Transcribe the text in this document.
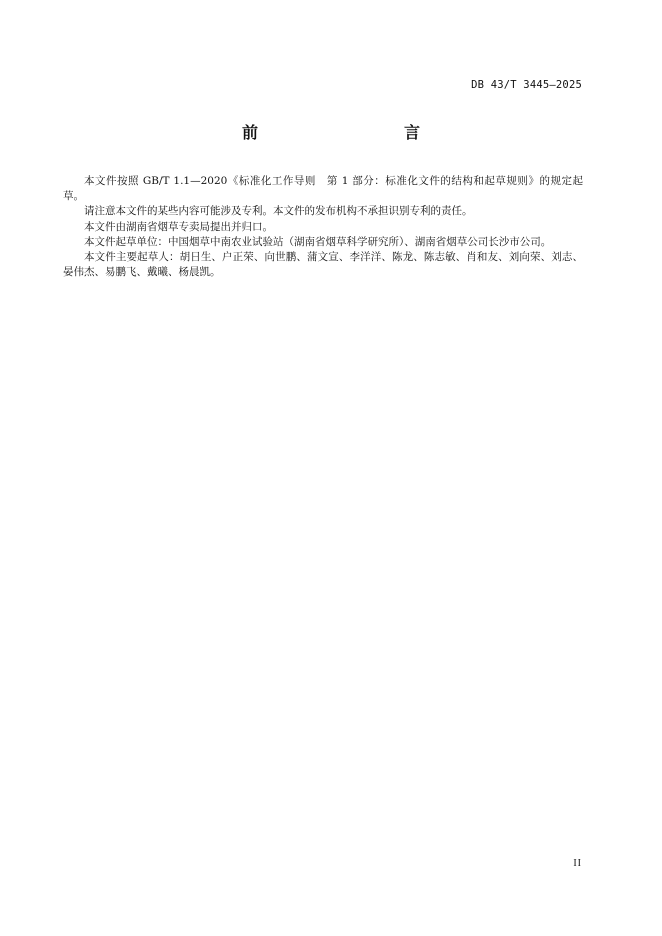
DB 43/T 3445—2025
前　　言

本文件按照 GB/T 1.1—2020《标准化工作导则　第 1 部分：标准化文件的结构和起草规则》的规定起草。

请注意本文件的某些内容可能涉及专利。本文件的发布机构不承担识别专利的责任。

本文件由湖南省烟草专卖局提出并归口。

本文件起草单位：中国烟草中南农业试验站（湖南省烟草科学研究所）、湖南省烟草公司长沙市公司。

本文件主要起草人：胡日生、户正荣、向世鹏、蒲文宣、李洋洋、陈龙、陈志敏、肖和友、刘向荣、刘志、晏伟杰、易鹏飞、戴曦、杨晨凯。

II
